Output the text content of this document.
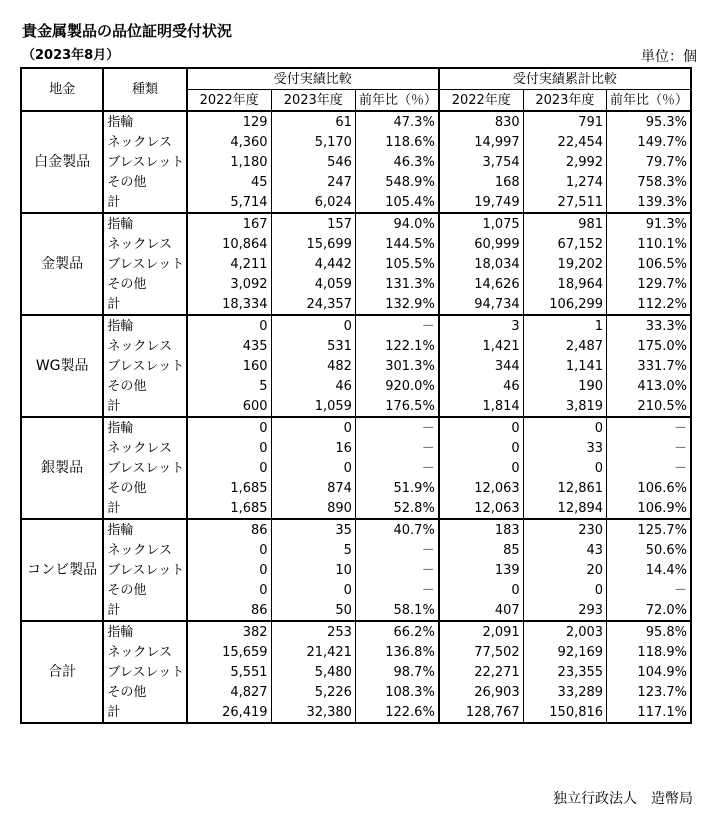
貴金属製品の品位証明受付状況
（2023年8月）	単位：個
地金	種類	受付実績比較			受付実績累計比較		
		2022年度	2023年度	前年比（％）	2022年度	2023年度	前年比（％）
白金製品	指輪	129	61	47.3%	830	791	95.3%
	ネックレス	4,360	5,170	118.6%	14,997	22,454	149.7%
	ブレスレット	1,180	546	46.3%	3,754	2,992	79.7%
	その他	45	247	548.9%	168	1,274	758.3%
	計	5,714	6,024	105.4%	19,749	27,511	139.3%
金製品	指輪	167	157	94.0%	1,075	981	91.3%
	ネックレス	10,864	15,699	144.5%	60,999	67,152	110.1%
	ブレスレット	4,211	4,442	105.5%	18,034	19,202	106.5%
	その他	3,092	4,059	131.3%	14,626	18,964	129.7%
	計	18,334	24,357	132.9%	94,734	106,299	112.2%
WG製品	指輪	0	0	－	3	1	33.3%
	ネックレス	435	531	122.1%	1,421	2,487	175.0%
	ブレスレット	160	482	301.3%	344	1,141	331.7%
	その他	5	46	920.0%	46	190	413.0%
	計	600	1,059	176.5%	1,814	3,819	210.5%
銀製品	指輪	0	0	－	0	0	－
	ネックレス	0	16	－	0	33	－
	ブレスレット	0	0	－	0	0	－
	その他	1,685	874	51.9%	12,063	12,861	106.6%
	計	1,685	890	52.8%	12,063	12,894	106.9%
コンビ製品	指輪	86	35	40.7%	183	230	125.7%
	ネックレス	0	5	－	85	43	50.6%
	ブレスレット	0	10	－	139	20	14.4%
	その他	0	0	－	0	0	－
	計	86	50	58.1%	407	293	72.0%
合計	指輪	382	253	66.2%	2,091	2,003	95.8%
	ネックレス	15,659	21,421	136.8%	77,502	92,169	118.9%
	ブレスレット	5,551	5,480	98.7%	22,271	23,355	104.9%
	その他	4,827	5,226	108.3%	26,903	33,289	123.7%
	計	26,419	32,380	122.6%	128,767	150,816	117.1%
独立行政法人　造幣局
